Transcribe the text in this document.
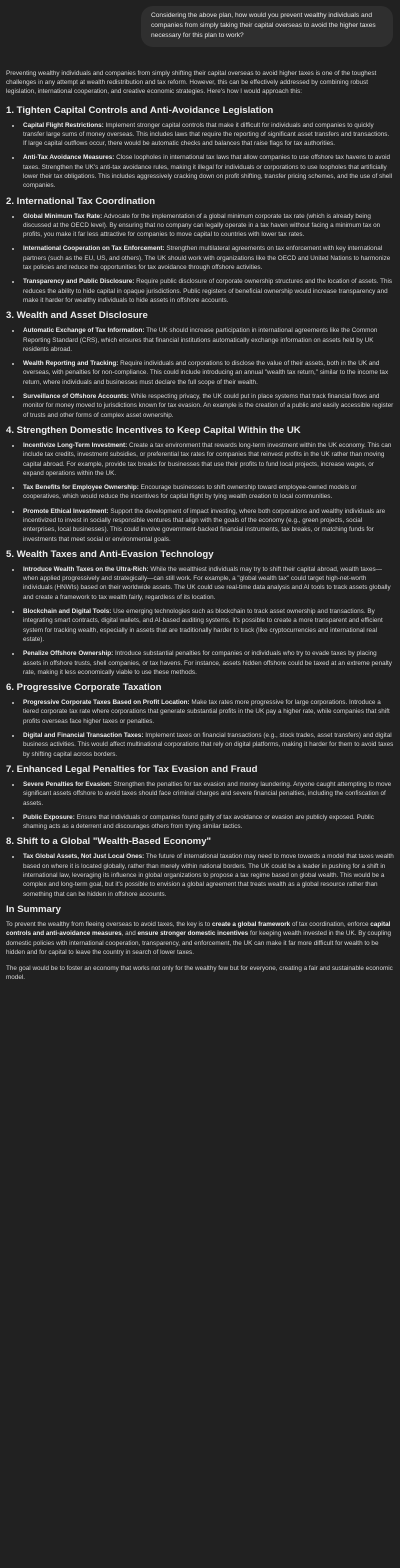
Considering the above plan, how would you prevent wealthy individuals and companies from simply taking their capital overseas to avoid the higher taxes necessary for this plan to work?

Preventing wealthy individuals and companies from simply shifting their capital overseas to avoid higher taxes is one of the toughest challenges in any attempt at wealth redistribution and tax reform. However, this can be effectively addressed by combining robust legislation, international cooperation, and creative economic strategies. Here's how I would approach this:

1. Tighten Capital Controls and Anti-Avoidance Legislation
• Capital Flight Restrictions: Implement stronger capital controls that make it difficult for individuals and companies to quickly transfer large sums of money overseas. This includes laws that require the reporting of significant asset transfers and transactions. If large capital outflows occur, there would be automatic checks and balances that raise flags for tax authorities.
• Anti-Tax Avoidance Measures: Close loopholes in international tax laws that allow companies to use offshore tax havens to avoid taxes. Strengthen the UK's anti-tax avoidance rules, making it illegal for individuals or corporations to use loopholes that artificially lower their tax obligations. This includes aggressively cracking down on profit shifting, transfer pricing schemes, and the use of shell companies.
2. International Tax Coordination
• Global Minimum Tax Rate: Advocate for the implementation of a global minimum corporate tax rate (which is already being discussed at the OECD level). By ensuring that no company can legally operate in a tax haven without facing a minimum tax on profits, you make it far less attractive for companies to move capital to countries with lower tax rates.
• International Cooperation on Tax Enforcement: Strengthen multilateral agreements on tax enforcement with key international partners (such as the EU, US, and others). The UK should work with organizations like the OECD and United Nations to harmonize tax policies and reduce the opportunities for tax avoidance through offshore activities.
• Transparency and Public Disclosure: Require public disclosure of corporate ownership structures and the location of assets. This reduces the ability to hide capital in opaque jurisdictions. Public registers of beneficial ownership would increase transparency and make it harder for wealthy individuals to hide assets in offshore accounts.
3. Wealth and Asset Disclosure
• Automatic Exchange of Tax Information: The UK should increase participation in international agreements like the Common Reporting Standard (CRS), which ensures that financial institutions automatically exchange information on assets held by UK residents abroad.
• Wealth Reporting and Tracking: Require individuals and corporations to disclose the value of their assets, both in the UK and overseas, with penalties for non-compliance. This could include introducing an annual "wealth tax return," similar to the income tax return, where individuals and businesses must declare the full scope of their wealth.
• Surveillance of Offshore Accounts: While respecting privacy, the UK could put in place systems that track financial flows and monitor for money moved to jurisdictions known for tax evasion. An example is the creation of a public and easily accessible register of trusts and other forms of complex asset ownership.
4. Strengthen Domestic Incentives to Keep Capital Within the UK
• Incentivize Long-Term Investment: Create a tax environment that rewards long-term investment within the UK economy. This can include tax credits, investment subsidies, or preferential tax rates for companies that reinvest profits in the UK rather than moving capital abroad. For example, provide tax breaks for businesses that use their profits to fund local projects, increase wages, or expand operations within the UK.
• Tax Benefits for Employee Ownership: Encourage businesses to shift ownership toward employee-owned models or cooperatives, which would reduce the incentives for capital flight by tying wealth creation to local communities.
• Promote Ethical Investment: Support the development of impact investing, where both corporations and wealthy individuals are incentivized to invest in socially responsible ventures that align with the goals of the economy (e.g., green projects, social enterprises, local businesses). This could involve government-backed financial instruments, tax breaks, or matching funds for investments that meet social or environmental goals.
5. Wealth Taxes and Anti-Evasion Technology
• Introduce Wealth Taxes on the Ultra-Rich: While the wealthiest individuals may try to shift their capital abroad, wealth taxes—when applied progressively and strategically—can still work. For example, a "global wealth tax" could target high-net-worth individuals (HNWIs) based on their worldwide assets. The UK could use real-time data analysis and AI tools to track assets globally and create a framework to tax wealth fairly, regardless of its location.
• Blockchain and Digital Tools: Use emerging technologies such as blockchain to track asset ownership and transactions. By integrating smart contracts, digital wallets, and AI-based auditing systems, it's possible to create a more transparent and efficient system for tracking wealth, especially in assets that are traditionally harder to track (like cryptocurrencies and international real estate).
• Penalize Offshore Ownership: Introduce substantial penalties for companies or individuals who try to evade taxes by placing assets in offshore trusts, shell companies, or tax havens. For instance, assets hidden offshore could be taxed at an extreme penalty rate, making it less economically viable to use these methods.
6. Progressive Corporate Taxation
• Progressive Corporate Taxes Based on Profit Location: Make tax rates more progressive for large corporations. Introduce a tiered corporate tax rate where corporations that generate substantial profits in the UK pay a higher rate, while companies that shift profits overseas face higher taxes or penalties.
• Digital and Financial Transaction Taxes: Implement taxes on financial transactions (e.g., stock trades, asset transfers) and digital business activities. This would affect multinational corporations that rely on digital platforms, making it harder for them to avoid taxes by shifting capital across borders.
7. Enhanced Legal Penalties for Tax Evasion and Fraud
• Severe Penalties for Evasion: Strengthen the penalties for tax evasion and money laundering. Anyone caught attempting to move significant assets offshore to avoid taxes should face criminal charges and severe financial penalties, including the confiscation of assets.
• Public Exposure: Ensure that individuals or companies found guilty of tax avoidance or evasion are publicly exposed. Public shaming acts as a deterrent and discourages others from trying similar tactics.
8. Shift to a Global "Wealth-Based Economy"
• Tax Global Assets, Not Just Local Ones: The future of international taxation may need to move towards a model that taxes wealth based on where it is located globally, rather than merely within national borders. The UK could be a leader in pushing for a shift in international law, leveraging its influence in global organizations to propose a tax regime based on global wealth. This would be a complex and long-term goal, but it's possible to envision a global agreement that treats wealth as a global resource rather than something that can be hidden in offshore accounts.
In Summary

To prevent the wealthy from fleeing overseas to avoid taxes, the key is to create a global framework of tax coordination, enforce capital controls and anti-avoidance measures, and ensure stronger domestic incentives for keeping wealth invested in the UK. By coupling domestic policies with international cooperation, transparency, and enforcement, the UK can make it far more difficult for wealth to be hidden and for capital to leave the country in search of lower taxes.

The goal would be to foster an economy that works not only for the wealthy few but for everyone, creating a fair and sustainable economic model.
